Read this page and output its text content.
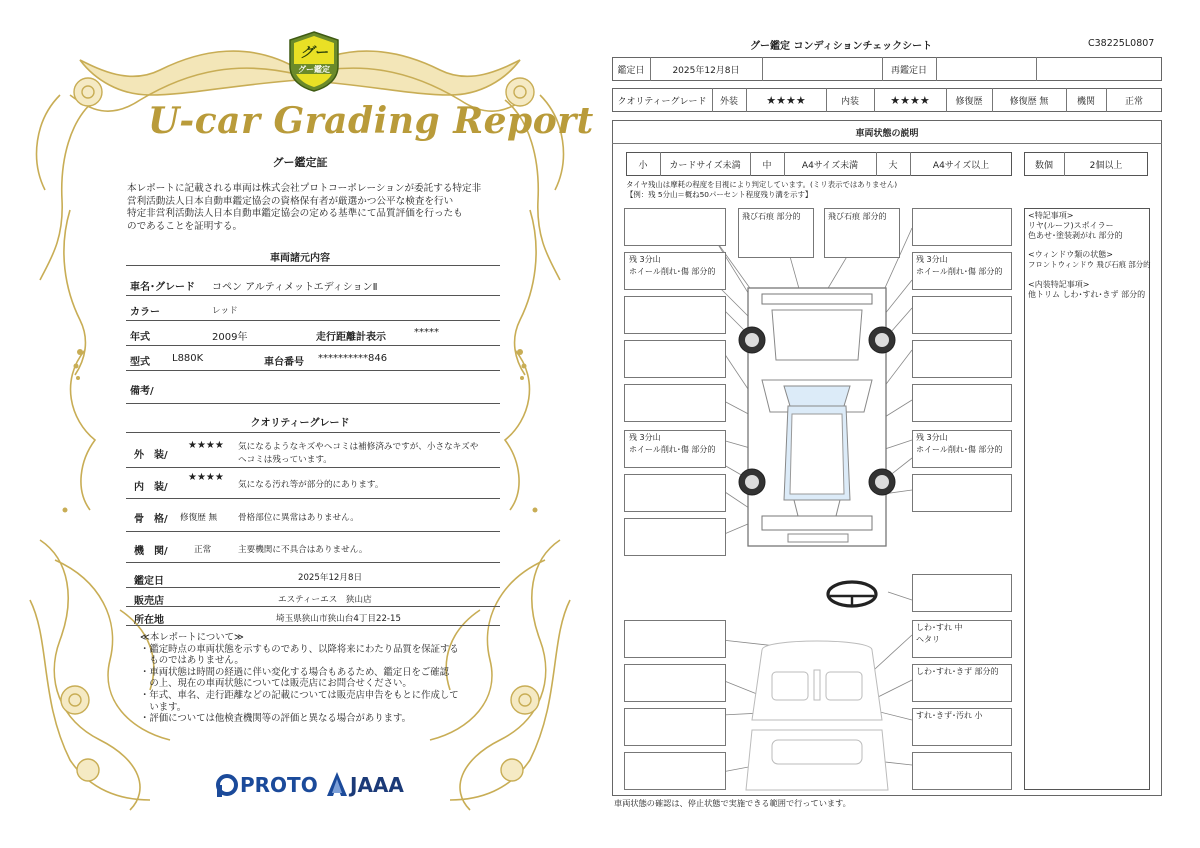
グー
グー鑑定
U-car Grading Report
グー鑑定証
本レポートに記載される車両は株式会社プロトコーポレーションが委託する特定非
営利活動法人日本自動車鑑定協会の資格保有者が厳選かつ公平な検査を行い
特定非営利活動法人日本自動車鑑定協会の定める基準にて品質評価を行ったも
のであることを証明する。
車両諸元内容
車名･グレード コペン アルティメットエディションⅡ
カラー	レッド
年式	2009年	走行距離計表示	*****
型式 L880K	車台番号 **********846
備考/
クオリティーグレード
外　装/
★★★★ 気になるようなキズやヘコミは補修済みですが、小さなキズや
ヘコミは残っています。
内　装/
★★★★
気になる汚れ等が部分的にあります。
骨　格/ 修復歴 無 骨格部位に異常はありません。
機　関/	正常	主要機関に不具合はありません。
鑑定日	2025年12月8日
販売店	エスティーエス　狭山店
所在地	埼玉県狭山市狭山台4丁目22-15
≪本レポートについて≫
・鑑定時点の車両状態を示すものであり、以降将来にわたり品質を保証する
　ものではありません。
・車両状態は時間の経過に伴い変化する場合もあるため、鑑定日をご確認
　の上、現在の車両状態については販売店にお問合せください。
・年式、車名、走行距離などの記載については販売店申告をもとに作成して
　います。
・評価については他検査機関等の評価と異なる場合があります。
PROTO JAAA
グー鑑定 コンディションチェックシート	C38225L0807
鑑定日	2025年12月8日	再鑑定日
クオリティーグレード	外装	★★★★	内装	★★★★	修復歴	修復歴 無	機関	正常
車両状態の説明
小	カードサイズ未満	中	A4サイズ未満	大	A4サイズ以上	数個	2個以上
タイヤ残山は摩耗の程度を目視により判定しています。(ミリ表示ではありません)
【例：残 5分山＝概ね50パーセント程度残り溝を示す】
残 3分山
ホイール削れ･傷 部分的
残 3分山
ホイール削れ･傷 部分的
飛び石痕 部分的	飛び石痕 部分的
残 3分山
ホイール削れ･傷 部分的
残 3分山
ホイール削れ･傷 部分的
しわ･すれ 中
ヘタリ
しわ･すれ･きず 部分的
すれ･きず･汚れ 小
<特記事項>
リヤ(ルーフ)スポイラー
色あせ･塗装剥がれ 部分的
<ウィンドウ類の状態>
フロントウィンドウ 飛び石痕 部分的
<内装特記事項>
他トリム しわ･すれ･きず 部分的
車両状態の確認は、停止状態で実施できる範囲で行っています。
